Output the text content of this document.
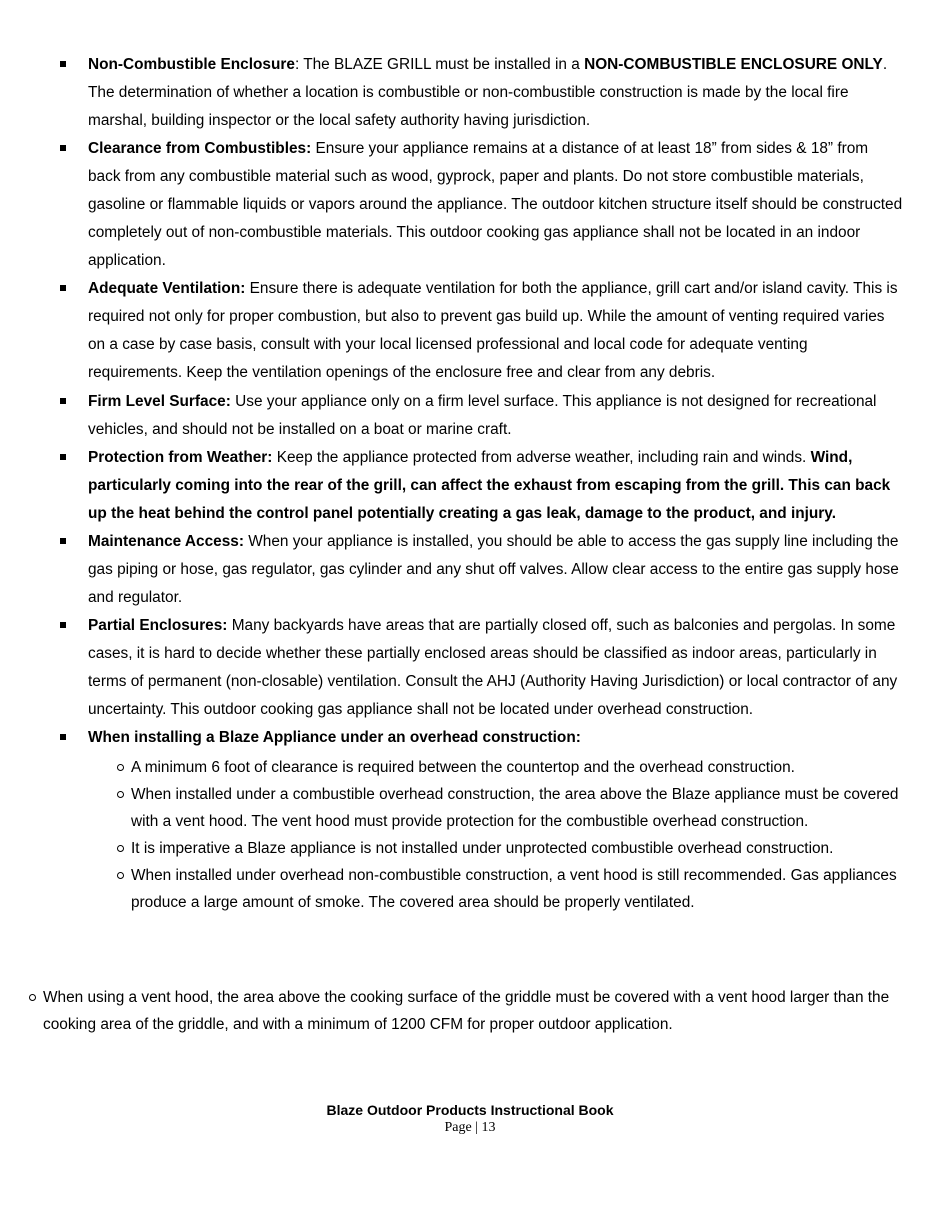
Non-Combustible Enclosure: The BLAZE GRILL must be installed in a NON-COMBUSTIBLE ENCLOSURE ONLY. The determination of whether a location is combustible or non-combustible construction is made by the local fire marshal, building inspector or the local safety authority having jurisdiction.
Clearance from Combustibles: Ensure your appliance remains at a distance of at least 18” from sides & 18” from back from any combustible material such as wood, gyprock, paper and plants. Do not store combustible materials, gasoline or flammable liquids or vapors around the appliance. The outdoor kitchen structure itself should be constructed completely out of non-combustible materials. This outdoor cooking gas appliance shall not be located in an indoor application.
Adequate Ventilation: Ensure there is adequate ventilation for both the appliance, grill cart and/or island cavity. This is required not only for proper combustion, but also to prevent gas build up. While the amount of venting required varies on a case by case basis, consult with your local licensed professional and local code for adequate venting requirements. Keep the ventilation openings of the enclosure free and clear from any debris.
Firm Level Surface: Use your appliance only on a firm level surface. This appliance is not designed for recreational vehicles, and should not be installed on a boat or marine craft.
Protection from Weather: Keep the appliance protected from adverse weather, including rain and winds. Wind, particularly coming into the rear of the grill, can affect the exhaust from escaping from the grill. This can back up the heat behind the control panel potentially creating a gas leak, damage to the product, and injury.
Maintenance Access: When your appliance is installed, you should be able to access the gas supply line including the gas piping or hose, gas regulator, gas cylinder and any shut off valves. Allow clear access to the entire gas supply hose and regulator.
Partial Enclosures: Many backyards have areas that are partially closed off, such as balconies and pergolas. In some cases, it is hard to decide whether these partially enclosed areas should be classified as indoor areas, particularly in terms of permanent (non-closable) ventilation. Consult the AHJ (Authority Having Jurisdiction) or local contractor of any uncertainty. This outdoor cooking gas appliance shall not be located under overhead construction.
When installing a Blaze Appliance under an overhead construction:
A minimum 6 foot of clearance is required between the countertop and the overhead construction.
When installed under a combustible overhead construction, the area above the Blaze appliance must be covered with a vent hood. The vent hood must provide protection for the combustible overhead construction.
It is imperative a Blaze appliance is not installed under unprotected combustible overhead construction.
When installed under overhead non-combustible construction, a vent hood is still recommended. Gas appliances produce a large amount of smoke. The covered area should be properly ventilated.
When using a vent hood, the area above the cooking surface of the griddle must be covered with a vent hood larger than the cooking area of the griddle, and with a minimum of 1200 CFM for proper outdoor application.
Blaze Outdoor Products Instructional Book
Page | 13
